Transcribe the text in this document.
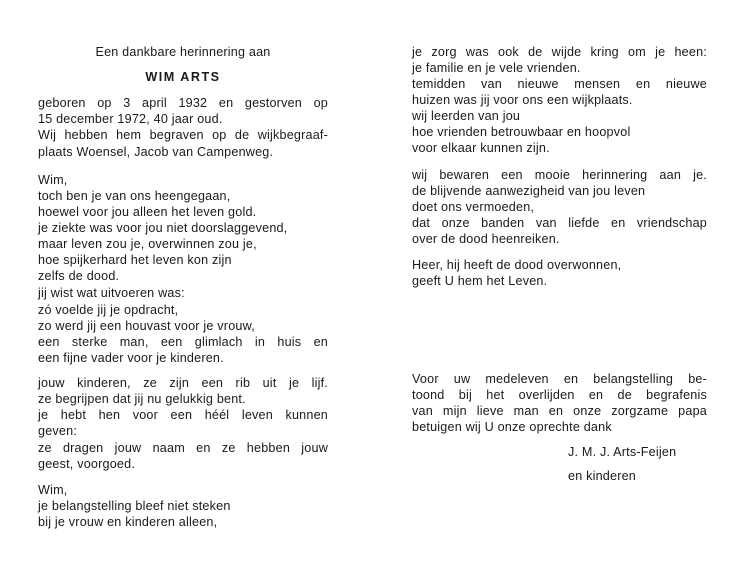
Een dankbare herinnering aan
WIM ARTS
geboren op 3 april 1932 en gestorven op
15 december 1972, 40 jaar oud.
Wij hebben hem begraven op de wijkbegraaf-
plaats Woensel, Jacob van Campenweg.
Wim,
toch ben je van ons heengegaan,
hoewel voor jou alleen het leven gold.
je ziekte was voor jou niet doorslaggevend,
maar leven zou je, overwinnen zou je,
hoe spijkerhard het leven kon zijn
zelfs de dood.
jij wist wat uitvoeren was:
zó voelde jij je opdracht,
zo werd jij een houvast voor je vrouw,
een sterke man, een glimlach in huis en
een fijne vader voor je kinderen.
jouw kinderen, ze zijn een rib uit je lijf.
ze begrijpen dat jij nu gelukkig bent.
je hebt hen voor een héél leven kunnen
geven:
ze dragen jouw naam en ze hebben jouw
geest, voorgoed.
Wim,
je belangstelling bleef niet steken
bij je vrouw en kinderen alleen,
je zorg was ook de wijde kring om je heen:
je familie en je vele vrienden.
temidden van nieuwe mensen en nieuwe
huizen was jij voor ons een wijkplaats.
wij leerden van jou
hoe vrienden betrouwbaar en hoopvol
voor elkaar kunnen zijn.
wij bewaren een mooie herinnering aan je.
de blijvende aanwezigheid van jou leven
doet ons vermoeden,
dat onze banden van liefde en vriendschap
over de dood heenreiken.
Heer, hij heeft de dood overwonnen,
geeft U hem het Leven.
Voor uw medeleven en belangstelling be-
toond bij het overlijden en de begrafenis
van mijn lieve man en onze zorgzame papa
betuigen wij U onze oprechte dank
J. M. J. Arts-Feijen
en kinderen
